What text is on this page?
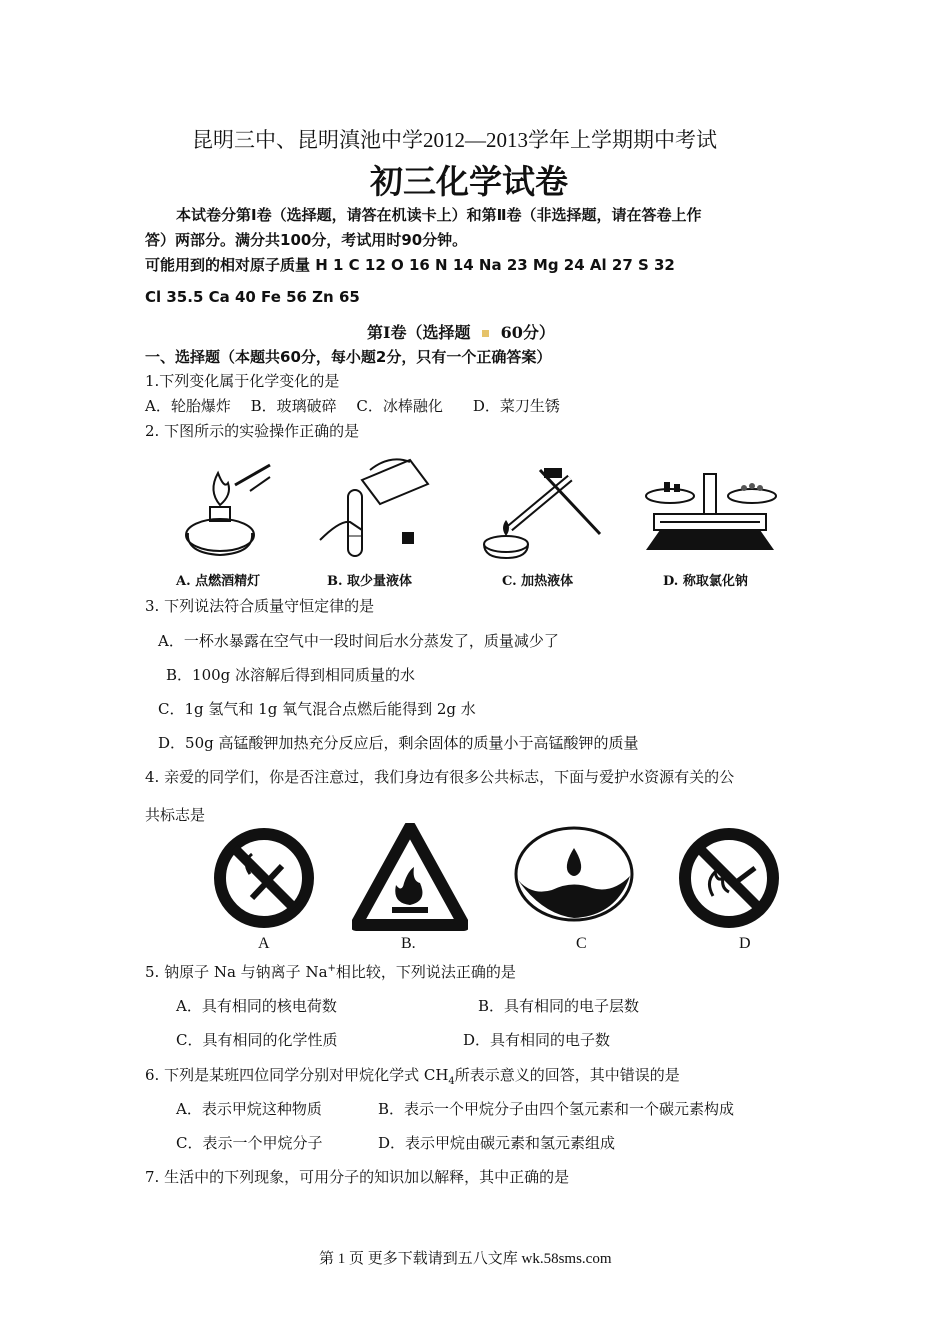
昆明三中、昆明滇池中学2012—2013学年上学期期中考试
初三化学试卷
本试卷分第Ⅰ卷（选择题，请答在机读卡上）和第Ⅱ卷（非选择题，请在答卷上作
答）两部分。满分共100分，考试用时90分钟。
可能用到的相对原子质量 H 1 C 12 O 16 N 14 Na 23 Mg 24 Al 27 S 32
Cl 35.5 Ca 40 Fe 56 Zn 65
第Ⅰ卷（选择题 60分）
一、选择题（本题共60分，每小题2分，只有一个正确答案）
1.下列变化属于化学变化的是
A．轮胎爆炸　 B．玻璃破碎　 C．冰棒融化　　D．菜刀生锈
2. 下图所示的实验操作正确的是
A. 点燃酒精灯	B. 取少量液体	C. 加热液体	D. 称取氯化钠
3. 下列说法符合质量守恒定律的是
A．一杯水暴露在空气中一段时间后水分蒸发了，质量减少了
B．100g 冰溶解后得到相同质量的水
C．1g 氢气和 1g 氧气混合点燃后能得到 2g 水
D．50g 高锰酸钾加热充分反应后，剩余固体的质量小于高锰酸钾的质量
4. 亲爱的同学们，你是否注意过，我们身边有很多公共标志，下面与爱护水资源有关的公
共标志是
A	B.	C	D
5. 钠原子 Na 与钠离子 Na+相比较，下列说法正确的是
A．具有相同的核电荷数	B．具有相同的电子层数
C．具有相同的化学性质	D．具有相同的电子数
6. 下列是某班四位同学分别对甲烷化学式 $CH_4$所表示意义的回答，其中错误的是
A．表示甲烷这种物质	B．表示一个甲烷分子由四个氢元素和一个碳元素构成
C．表示一个甲烷分子	D．表示甲烷由碳元素和氢元素组成
7. 生活中的下列现象，可用分子的知识加以解释，其中正确的是
第 1 页 更多下载请到五八文库 wk.58sms.com
